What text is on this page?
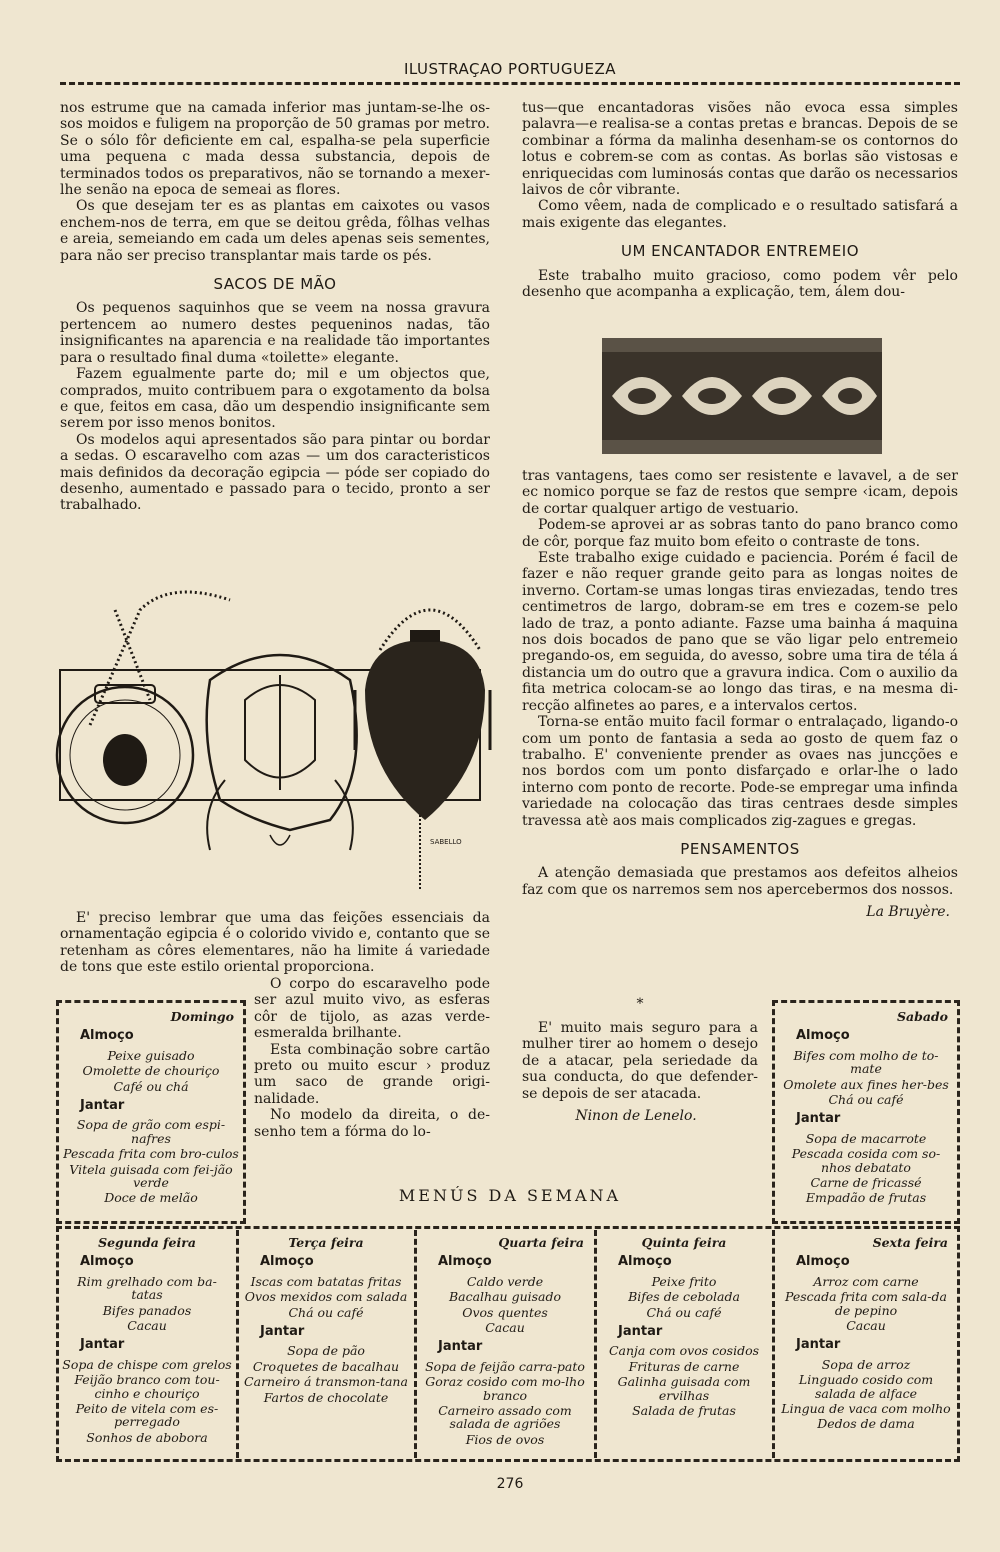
ILUSTRAÇAO PORTUGUEZA

nos estrume que na camada inferior mas juntam-se-lhe ossos moidos e fuligem na proporção de 50 gramas por metro. Se o sólo fôr deficiente em cal, espalha-se pela superficie uma pequena c mada dessa substancia, depois de terminados todos os preparativos, não se tornando a mexer-lhe senão na epoca de semeai as flores.

Os que desejam ter es as plantas em caixotes ou vasos enchem-nos de terra, em que se deitou grêda, fôlhas velhas e areia, semeiando em cada um deles apenas seis sementes, para não ser preciso transplantar mais tarde os pés.

SACOS DE MÃO

Os pequenos saquinhos que se veem na nossa gravura pertencem ao numero destes pequeninos nadas, tão insignificantes na aparencia e na realidade tão importantes para o resultado final duma «toilette» elegante.

Fazem egualmente parte do; mil e um objectos que, comprados, muito contribuem para o exgotamento da bolsa e que, feitos em casa, dão um despendio insignificante sem serem por isso menos bonitos.

Os modelos aqui apresentados são para pintar ou bordar a sedas. O escaravelho com azas — um dos caracteristicos mais definidos da decoração egipcia — póde ser copiado do desenho, aumentado e passado para o tecido, pronto a ser trabalhado.

SABELLO

E' preciso lembrar que uma das feições essenciais da ornamentação egipcia é o colorido vivido e, contanto que se retenham as côres elementares, não ha limite á variedade de tons que este estilo oriental proporciona.

Domingo
Almoço
Peixe guisado
Omolette de chouriço
Café ou chá
Jantar
Sopa de grão com espi-nafres
Pescada frita com bro-culos
Vitela guisada com fei-jão verde
Doce de melão

O corpo do escaravelho pode ser azul muito vivo, as esferas côr de tijolo, as azas verde-esmeralda brilhante.

Esta combinação sobre cartão preto ou muito escur › produz um saco de grande originalidade.

No modelo da direita, o desenho tem a fórma do lo-

tus—que encantadoras visões não evoca essa simples palavra—e realisa-se a contas pretas e brancas. Depois de se combinar a fórma da malinha desenham-se os contornos do lotus e cobrem-se com as contas. As borlas são vistosas e enriquecidas com luminosás contas que darão os necessarios laivos de côr vibrante.

Como vêem, nada de complicado e o resultado satisfará a mais exigente das elegantes.

UM ENCANTADOR ENTREMEIO

Este trabalho muito gracioso, como podem vêr pelo desenho que acompanha a explicação, tem, álem dou-

tras vantagens, taes como ser resistente e lavavel, a de ser ec nomico porque se faz de restos que sempre ‹icam, depois de cortar qualquer artigo de vestuario.

Podem-se aprovei ar as sobras tanto do pano branco como de côr, porque faz muito bom efeito o contraste de tons.

Este trabalho exige cuidado e paciencia. Porém é facil de fazer e não requer grande geito para as longas noites de inverno. Cortam-se umas longas tiras enviezadas, tendo tres centimetros de largo, dobram-se em tres e cozem-se pelo lado de traz, a ponto adiante. Fazse uma bainha á maquina nos dois bocados de pano que se vão ligar pelo entremeio pregando-os, em seguida, do avesso, sobre uma tira de téla á distancia um do outro que a gravura indica. Com o auxilio da fita metrica colocam-se ao longo das tiras, e na mesma direcção alfinetes ao pares, e a intervalos certos.

Torna-se então muito facil formar o entralaçado, ligando-o com um ponto de fantasia a seda ao gosto de quem faz o trabalho. E' conveniente prender as ovaes nas juncções e nos bordos com um ponto disfarçado e orlar-lhe o lado interno com ponto de recorte. Pode-se empregar uma infinda variedade na colocação das tiras centraes desde simples travessa atè aos mais complicados zig-zagues e gregas.

PENSAMENTOS

A atenção demasiada que prestamos aos defeitos alheios faz com que os narremos sem nos apercebermos dos nossos.

La Bruyère.

*

E' muito mais seguro para a mulher tirer ao homem o desejo de a atacar, pela seriedade da sua conducta, do que defender-se depois de ser atacada.

Ninon de Lenelo.

Sabado
Almoço
Bifes com molho de to-mate
Omolete aux fines her-bes
Chá ou café
Jantar
Sopa de macarrote
Pescada cosida com so-nhos debatato
Carne de fricassé
Empadão de frutas
MENÚS DA SEMANA
Segunda feira
Almoço
Rim grelhado com ba-tatas
Bifes panados
Cacau
Jantar
Sopa de chispe com grelos
Feijão branco com tou-cinho e chouriço
Peito de vitela com es-perregado
Sonhos de abobora
Terça feira
Almoço
Iscas com batatas fritas
Ovos mexidos com salada
Chá ou café
Jantar
Sopa de pão
Croquetes de bacalhau
Carneiro á transmon-tana
Fartos de chocolate
Quarta feira
Almoço
Caldo verde
Bacalhau guisado
Ovos quentes
Cacau
Jantar
Sopa de feijão carra-pato
Goraz cosido com mo-lho branco
Carneiro assado com salada de agriões
Fios de ovos
Quinta feira
Almoço
Peixe frito
Bifes de cebolada
Chá ou café
Jantar
Canja com ovos cosidos
Frituras de carne
Galinha guisada com ervilhas
Salada de frutas
Sexta feira
Almoço
Arroz com carne
Pescada frita com sala-da de pepino
Cacau
Jantar
Sopa de arroz
Linguado cosido com salada de alface
Lingua de vaca com molho
Dedos de dama
276
